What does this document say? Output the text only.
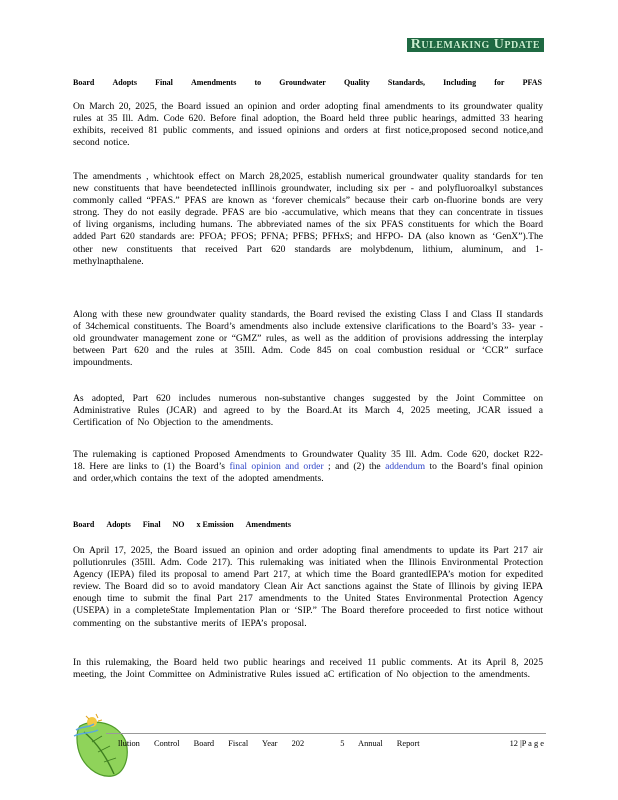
Rulemaking Update
Board Adopts Final Amendments to Groundwater Quality Standards, Including for PFAS
On March 20, 2025, the Board issued an opinion and order adopting final amendments to its groundwater quality rules at 35 Ill. Adm. Code 620. Before final adoption, the Board held three public hearings, admitted 33 hearing exhibits, received 81 public comments, and issued opinions and orders at first notice,proposed second notice,and second notice.
The amendments , whichtook effect on March 28,2025, establish numerical groundwater quality standards for ten new constituents that have beendetected inIllinois groundwater, including six per - and polyfluoroalkyl substances commonly called “PFAS.” PFAS are known as ‘forever chemicals” because their carb on-fluorine bonds are very strong. They do not easily degrade. PFAS are bio -accumulative, which means that they can concentrate in tissues of living organisms, including humans. The abbreviated names of the six PFAS constituents for which the Board added Part 620 standards are: PFOA; PFOS; PFNA; PFBS; PFHxS; and HFPO- DA (also known as ‘GenX”).The other new constituents that received Part 620 standards are molybdenum, lithium, aluminum, and 1-methylnapthalene.
Along with these new groundwater quality standards, the Board revised the existing Class I and Class II standards of 34chemical constituents. The Board’s amendments also include extensive clarifications to the Board’s 33- year -old groundwater management zone or “GMZ” rules, as well as the addition of provisions addressing the interplay between Part 620 and the rules at 35Ill. Adm. Code 845 on coal combustion residual or ‘CCR” surface impoundments.
As adopted, Part 620 includes numerous non-substantive changes suggested by the Joint Committee on Administrative Rules (JCAR) and agreed to by the Board.At its March 4, 2025 meeting, JCAR issued a Certification of No Objection to the amendments.
The rulemaking is captioned Proposed Amendments to Groundwater Quality 35 Ill. Adm. Code 620, docket R22-18. Here are links to (1) the Board’s final opinion and order ; and (2) the addendum to the Board’s final opinion and order,which contains the text of the adopted amendments.
Board Adopts Final NO x Emission Amendments
On April 17, 2025, the Board issued an opinion and order adopting final amendments to update its Part 217 air pollutionrules (35Ill. Adm. Code 217). This rulemaking was initiated when the Illinois Environmental Protection Agency (IEPA) filed its proposal to amend Part 217, at which time the Board grantedIEPA’s motion for expedited review. The Board did so to avoid mandatory Clean Air Act sanctions against the State of Illinois by giving IEPA enough time to submit the final Part 217 amendments to the United States Environmental Protection Agency (USEPA) in a completeState Implementation Plan or ‘SIP.” The Board therefore proceeded to first notice without commenting on the substantive merits of IEPA’s proposal.
In this rulemaking, the Board held two public hearings and received 11 public comments. At its April 8, 2025 meeting, the Joint Committee on Administrative Rules issued aC ertification of No objection to the amendments.
llution Control Board Fiscal Year 202	5 Annual Report	12 |P a g e
